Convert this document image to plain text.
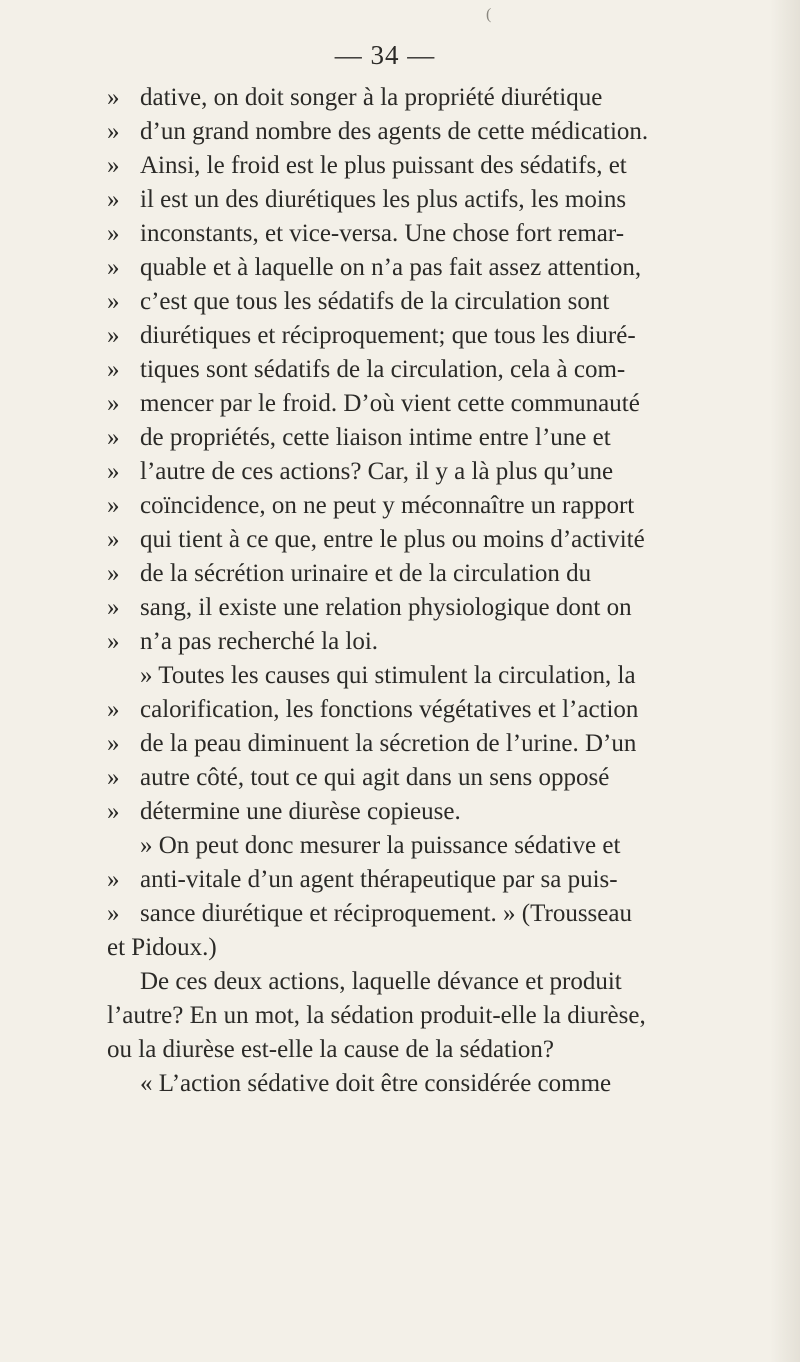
(
— 34 —
» dative, on doit songer à la propriété diurétique
» d’un grand nombre des agents de cette médication.
» Ainsi, le froid est le plus puissant des sédatifs, et
» il est un des diurétiques les plus actifs, les moins
» inconstants, et vice-versa. Une chose fort remar-
» quable et à laquelle on n’a pas fait assez attention,
» c’est que tous les sédatifs de la circulation sont
» diurétiques et réciproquement; que tous les diuré-
» tiques sont sédatifs de la circulation, cela à com-
» mencer par le froid. D’où vient cette communauté
» de propriétés, cette liaison intime entre l’une et
» l’autre de ces actions? Car, il y a là plus qu’une
» coïncidence, on ne peut y méconnaître un rapport
» qui tient à ce que, entre le plus ou moins d’activité
» de la sécrétion urinaire et de la circulation du
» sang, il existe une relation physiologique dont on
» n’a pas recherché la loi.
» Toutes les causes qui stimulent la circulation, la
» calorification, les fonctions végétatives et l’action
» de la peau diminuent la sécretion de l’urine. D’un
» autre côté, tout ce qui agit dans un sens opposé
» détermine une diurèse copieuse.
» On peut donc mesurer la puissance sédative et
» anti-vitale d’un agent thérapeutique par sa puis-
» sance diurétique et réciproquement. » (Trousseau
et Pidoux.)
De ces deux actions, laquelle dévance et produit
l’autre? En un mot, la sédation produit-elle la diurèse,
ou la diurèse est-elle la cause de la sédation?
« L’action sédative doit être considérée comme
